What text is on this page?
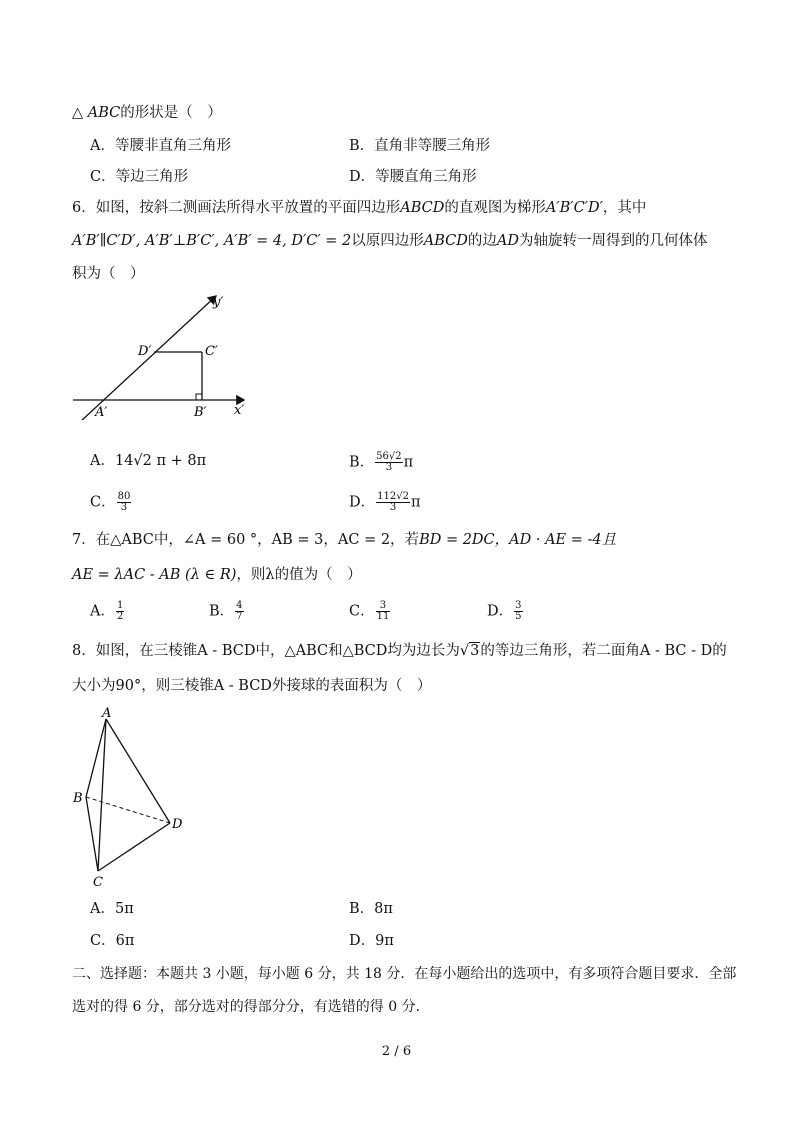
△ ABC的形状是（　）
A．等腰非直角三角形	B．直角非等腰三角形
C．等边三角形	D．等腰直角三角形
6．如图，按斜二测画法所得水平放置的平面四边形ABCD的直观图为梯形A′B′C′D′，其中
A′B′∥C′D′, A′B′⊥B′C′, A′B′ = 4, D′C′ = 2以原四边形ABCD的边AD为轴旋转一周得到的几何体体
积为（　）
y′
x′
D′	C′
A′	B′
A．14√2 π + 8π	B． $\frac{56√2}{3}$ π
C． $\frac{80}{3}$	D． $\frac{112√2}{3}$ π
7．在△ABC中，∠A = 60 °，AB = 3，AC = 2，若BD = 2DC，AD · AE = -4且
AE = λAC - AB (λ ∈ R)，则λ的值为（　）
A． $\frac{1}{2}$	B． $\frac{4}{7}$	C． $\frac{3}{11}$	D． $\frac{3}{5}$
8．如图，在三棱锥A - BCD中，△ABC和△BCD均为边长为√3的等边三角形，若二面角A - BC - D的
大小为90°，则三棱锥A - BCD外接球的表面积为（　）
A
B
C
D
A．5π	B．8π
C．6π	D．9π
二、选择题：本题共 3 小题，每小题 6 分，共 18 分．在每小题给出的选项中，有多项符合题目要求．全部
选对的得 6 分，部分选对的得部分分，有选错的得 0 分．
2 / 6
